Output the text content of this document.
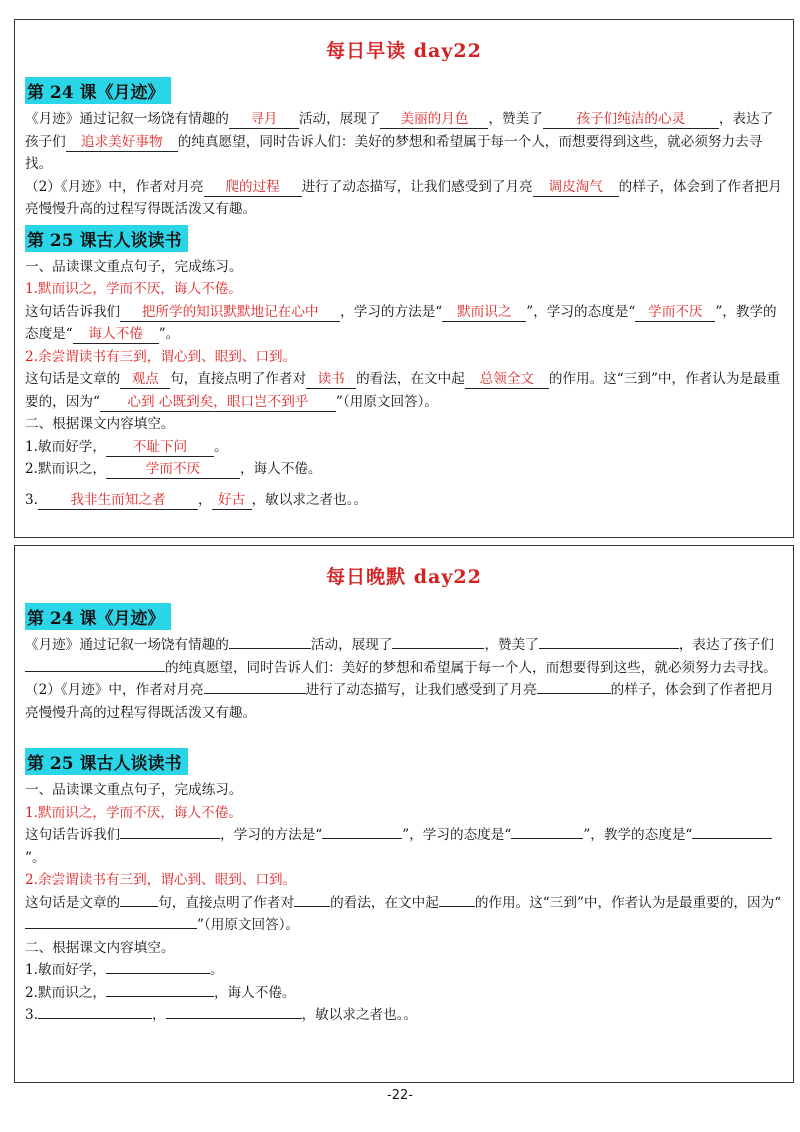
每日早读 day22
第 24 课《月迹》

《月迹》通过记叙一场饶有情趣的 寻月 活动，展现了 美丽的月色 ，赞美了 孩子们纯洁的心灵 ，表达了孩子们 追求美好事物 的纯真愿望，同时告诉人们：美好的梦想和希望属于每一个人，而想要得到这些，就必须努力去寻找。

（2）《月迹》中，作者对月亮 爬的过程 进行了动态描写，让我们感受到了月亮 调皮淘气 的样子，体会到了作者把月亮慢慢升高的过程写得既活泼又有趣。

第 25 课古人谈读书

一、品读课文重点句子，完成练习。

1.默而识之，学而不厌，诲人不倦。

这句话告诉我们 把所学的知识默默地记在心中 ，学习的方法是“ 默而识之 ”，学习的态度是“ 学而不厌 ”，教学的态度是“ 诲人不倦 ”。

2.余尝谓读书有三到，谓心到、眼到、口到。

这句话是文章的 观点 句，直接点明了作者对 读书 的看法，在文中起 总领全文 的作用。这“三到”中，作者认为是最重要的，因为“ 心到 心既到矣，眼口岂不到乎 ”（用原文回答）。

二、根据课文内容填空。

1.敏而好学， 不耻下问 。

2.默而识之，	学而不厌	，诲人不倦。

3. 我非生而知之者 ， 好古 ，敏以求之者也。。

每日晚默 day22
第 24 课《月迹》

《月迹》通过记叙一场饶有情趣的	活动，展现了	，赞美了	，表达了孩子们的纯真愿望，同时告诉人们：美好的梦想和希望属于每一个人，而想要得到这些，就必须努力去寻找。

（2）《月迹》中，作者对月亮	进行了动态描写，让我们感受到了月亮	的样子，体会到了作者把月亮慢慢升高的过程写得既活泼又有趣。

第 25 课古人谈读书

一、品读课文重点句子，完成练习。

1.默而识之，学而不厌，诲人不倦。

这句话告诉我们	，学习的方法是“	”，学习的态度是“	”，教学的态度是“”。

2.余尝谓读书有三到，谓心到、眼到、口到。

这句话是文章的	句，直接点明了作者对	的看法，在文中起	的作用。这“三到”中，作者认为是最重要的，因为“”（用原文回答）。

二、根据课文内容填空。

1.敏而好学，	。

2.默而识之，	，诲人不倦。

3.	，	，敏以求之者也。。

-22-
